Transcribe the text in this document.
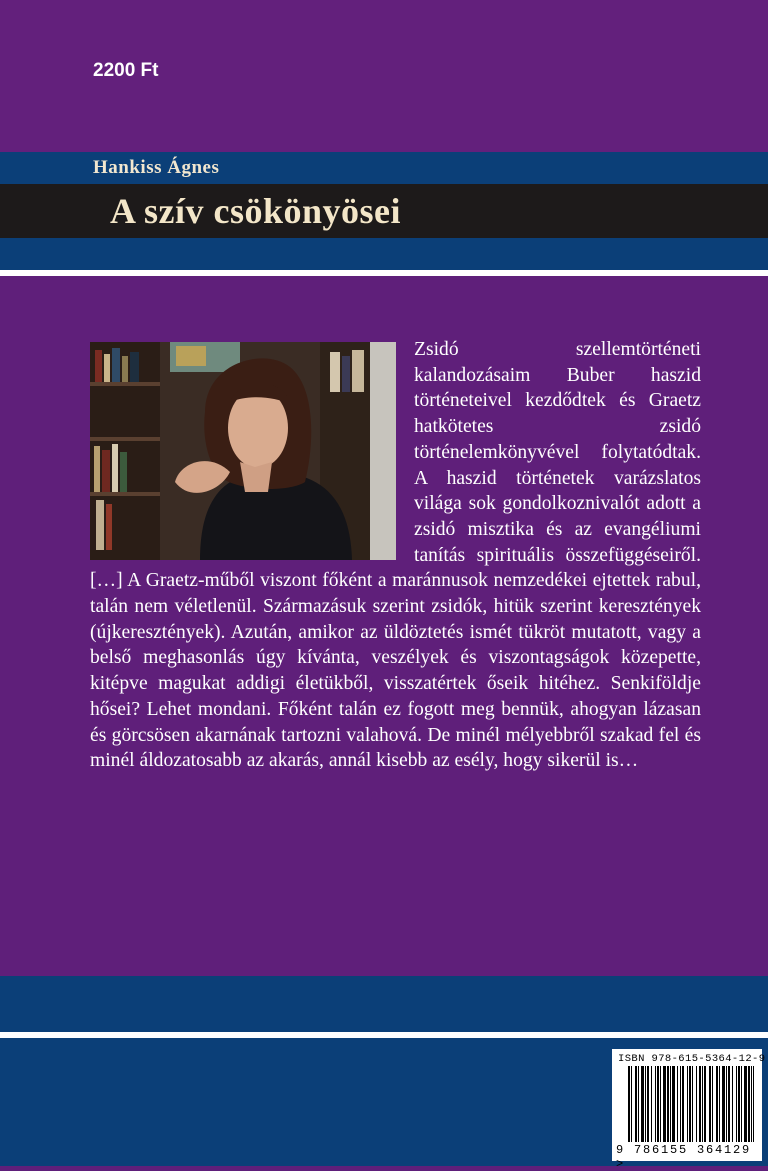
2200 Ft
Hankiss Ágnes
A szív csökönyösei
Zsidó szellemtörténeti kalandozásaim Buber haszid történeteivel kezdődtek és Graetz hatkötetes zsidó történelemkönyvével folytatódtak. A haszid történetek varázslatos világa sok gondolkoznivalót adott a zsidó misztika és az evangéliumi tanítás spirituális összefüggéseiről. […] A Graetz-műből viszont főként a maránnusok nemzedékei ejtettek rabul, talán nem véletlenül. Származásuk szerint zsidók, hitük szerint keresztények (újkeresztények). Azután, amikor az üldöztetés ismét tükröt mutatott, vagy a belső meghasonlás úgy kívánta, veszélyek és viszontagságok közepette, kitépve magukat addigi életükből, visszatértek őseik hitéhez. Senkiföldje hősei? Lehet mondani. Főként talán ez fogott meg bennük, ahogyan lázasan és görcsösen akarnának tartozni valahová. De minél mélyebbről szakad fel és minél áldozatosabb az akarás, annál kisebb az esély, hogy sikerül is…
ISBN 978-615-5364-12-9
9 786155 364129 >
